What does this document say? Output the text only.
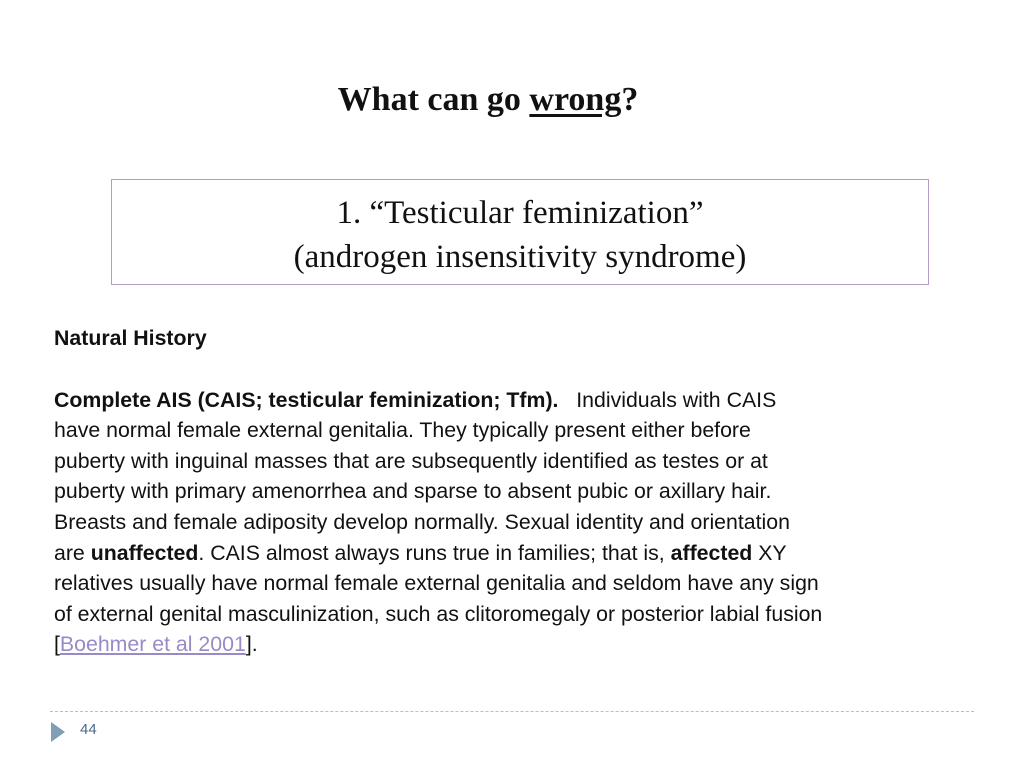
What can go wrong?
1. “Testicular feminization”
(androgen insensitivity syndrome)

Natural History

Complete AIS (CAIS; testicular feminization; Tfm). Individuals with CAIS
have normal female external genitalia. They typically present either before
puberty with inguinal masses that are subsequently identified as testes or at
puberty with primary amenorrhea and sparse to absent pubic or axillary hair.
Breasts and female adiposity develop normally. Sexual identity and orientation
are unaffected. CAIS almost always runs true in families; that is, affected XY
relatives usually have normal female external genitalia and seldom have any sign
of external genital masculinization, such as clitoromegaly or posterior labial fusion
[Boehmer et al 2001].

44
